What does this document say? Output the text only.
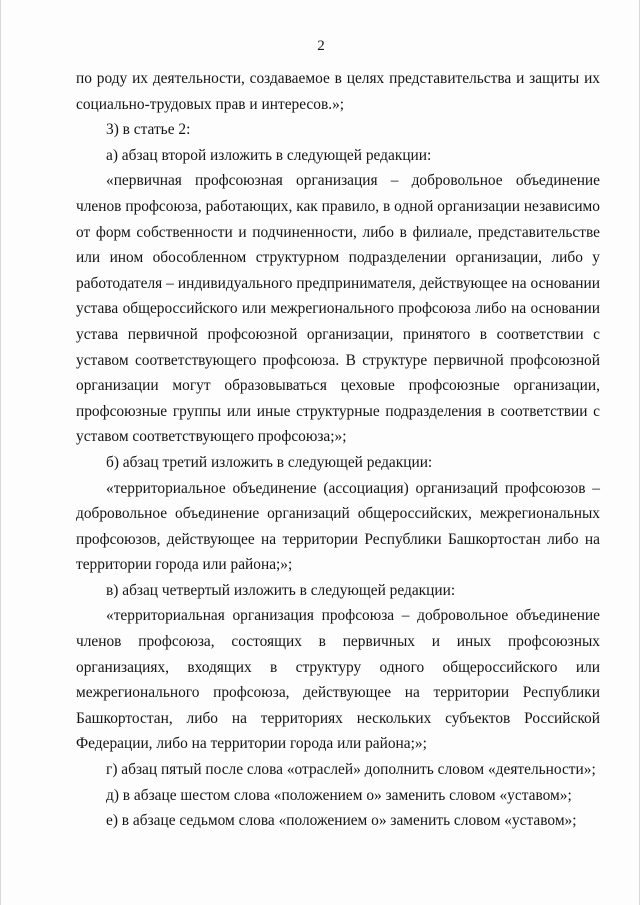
2

по роду их деятельности, создаваемое в целях представительства и защиты их социально-трудовых прав и интересов.»;

3) в статье 2:

а) абзац второй изложить в следующей редакции:

«первичная профсоюзная организация – добровольное объединение членов профсоюза, работающих, как правило, в одной организации независимо от форм собственности и подчиненности, либо в филиале, представительстве или ином обособленном структурном подразделении организации, либо у работодателя – индивидуального предпринимателя, действующее на основании устава общероссийского или межрегионального профсоюза либо на основании устава первичной профсоюзной организации, принятого в соответствии с уставом соответствующего профсоюза. В структуре первичной профсоюзной организации могут образовываться цеховые профсоюзные организации, профсоюзные группы или иные структурные подразделения в соответствии с уставом соответствующего профсоюза;»;

б) абзац третий изложить в следующей редакции:

«территориальное объединение (ассоциация) организаций профсоюзов – добровольное объединение организаций общероссийских, межрегиональных профсоюзов, действующее на территории Республики Башкортостан либо на территории города или района;»;

в) абзац четвертый изложить в следующей редакции:

«территориальная организация профсоюза – добровольное объединение членов профсоюза, состоящих в первичных и иных профсоюзных организациях, входящих в структуру одного общероссийского или межрегионального профсоюза, действующее на территории Республики Башкортостан, либо на территориях нескольких субъектов Российской Федерации, либо на территории города или района;»;

г) абзац пятый после слова «отраслей» дополнить словом «деятельности»;

д) в абзаце шестом слова «положением о» заменить словом «уставом»;

е) в абзаце седьмом слова «положением о» заменить словом «уставом»;
